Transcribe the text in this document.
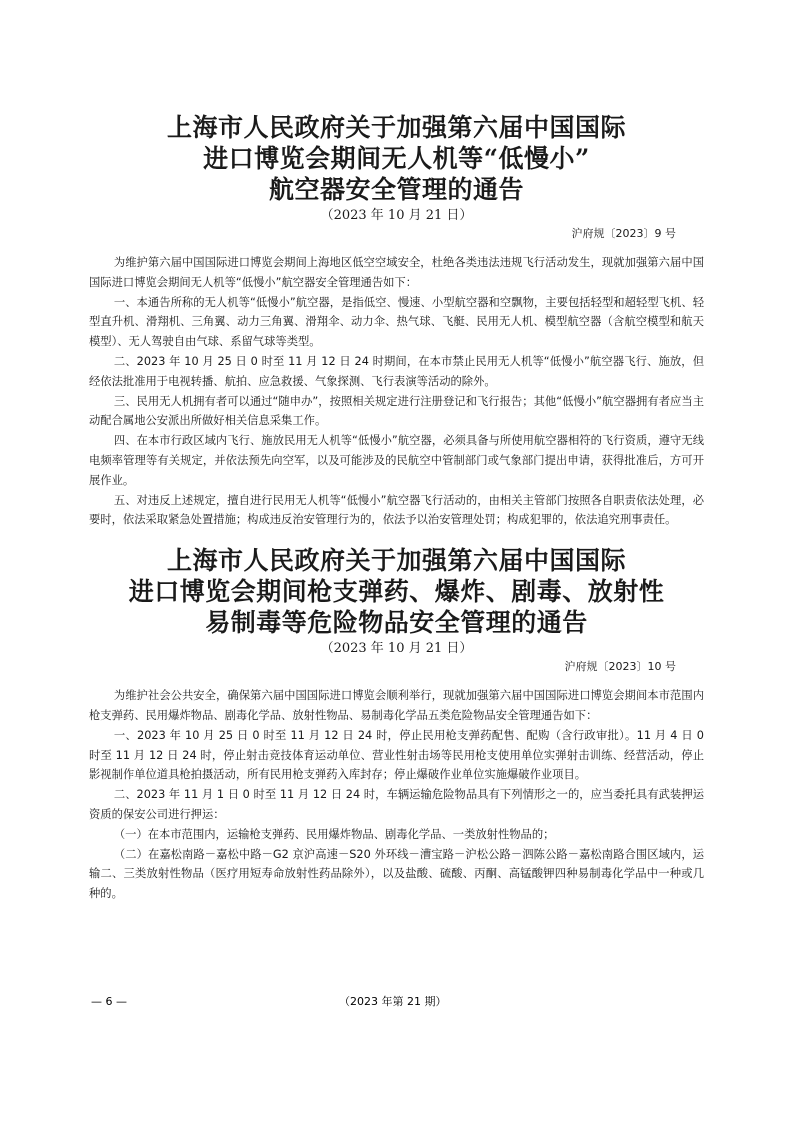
上海市人民政府关于加强第六届中国国际
进口博览会期间无人机等“低慢小”
航空器安全管理的通告
（2023 年 10 月 21 日）
沪府规〔2023〕9 号

为维护第六届中国国际进口博览会期间上海地区低空空域安全，杜绝各类违法违规飞行活动发生，现就加强第六届中国国际进口博览会期间无人机等“低慢小”航空器安全管理通告如下：

一、本通告所称的无人机等“低慢小”航空器，是指低空、慢速、小型航空器和空飘物，主要包括轻型和超轻型飞机、轻型直升机、滑翔机、三角翼、动力三角翼、滑翔伞、动力伞、热气球、飞艇、民用无人机、模型航空器（含航空模型和航天模型）、无人驾驶自由气球、系留气球等类型。

二、2023 年 10 月 25 日 0 时至 11 月 12 日 24 时期间，在本市禁止民用无人机等“低慢小”航空器飞行、施放，但经依法批准用于电视转播、航拍、应急救援、气象探测、飞行表演等活动的除外。

三、民用无人机拥有者可以通过“随申办”，按照相关规定进行注册登记和飞行报告；其他“低慢小”航空器拥有者应当主动配合属地公安派出所做好相关信息采集工作。

四、在本市行政区域内飞行、施放民用无人机等“低慢小”航空器，必须具备与所使用航空器相符的飞行资质，遵守无线电频率管理等有关规定，并依法预先向空军，以及可能涉及的民航空中管制部门或气象部门提出申请，获得批准后，方可开展作业。

五、对违反上述规定，擅自进行民用无人机等“低慢小”航空器飞行活动的，由相关主管部门按照各自职责依法处理，必要时，依法采取紧急处置措施；构成违反治安管理行为的，依法予以治安管理处罚；构成犯罪的，依法追究刑事责任。

上海市人民政府关于加强第六届中国国际
进口博览会期间枪支弹药、爆炸、剧毒、放射性
易制毒等危险物品安全管理的通告
（2023 年 10 月 21 日）
沪府规〔2023〕10 号

为维护社会公共安全，确保第六届中国国际进口博览会顺利举行，现就加强第六届中国国际进口博览会期间本市范围内枪支弹药、民用爆炸物品、剧毒化学品、放射性物品、易制毒化学品五类危险物品安全管理通告如下：

一、2023 年 10 月 25 日 0 时至 11 月 12 日 24 时，停止民用枪支弹药配售、配购（含行政审批）。11 月 4 日 0 时至 11 月 12 日 24 时，停止射击竞技体育运动单位、营业性射击场等民用枪支使用单位实弹射击训练、经营活动，停止影视制作单位道具枪拍摄活动，所有民用枪支弹药入库封存；停止爆破作业单位实施爆破作业项目。

二、2023 年 11 月 1 日 0 时至 11 月 12 日 24 时，车辆运输危险物品具有下列情形之一的，应当委托具有武装押运资质的保安公司进行押运：

（一）在本市范围内，运输枪支弹药、民用爆炸物品、剧毒化学品、一类放射性物品的；

（二）在嘉松南路－嘉松中路－G2 京沪高速－S20 外环线－漕宝路－沪松公路－泗陈公路－嘉松南路合围区域内，运输二、三类放射性物品（医疗用短寿命放射性药品除外），以及盐酸、硫酸、丙酮、高锰酸钾四种易制毒化学品中一种或几种的。

— 6 —	（2023 年第 21 期）
